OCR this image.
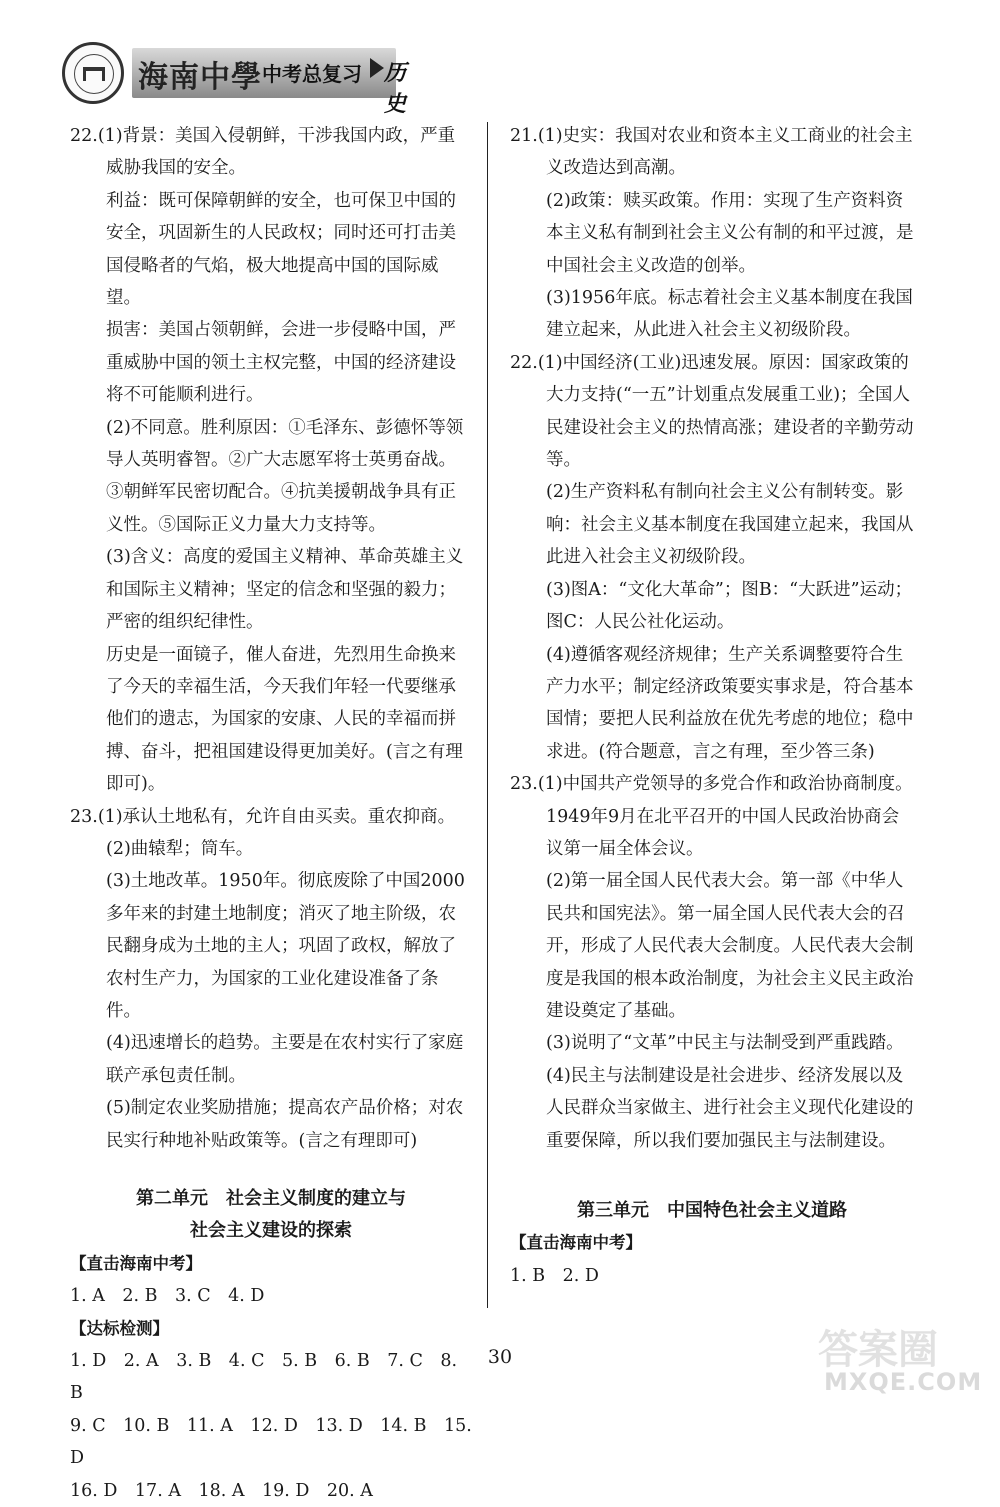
海南中學 中考总复习 历史

22.(1)背景：美国入侵朝鲜，干涉我国内政，严重威胁我国的安全。

利益：既可保障朝鲜的安全，也可保卫中国的安全，巩固新生的人民政权；同时还可打击美国侵略者的气焰，极大地提高中国的国际威望。

损害：美国占领朝鲜，会进一步侵略中国，严重威胁中国的领土主权完整，中国的经济建设将不可能顺利进行。

(2)不同意。胜利原因：①毛泽东、彭德怀等领导人英明睿智。②广大志愿军将士英勇奋战。③朝鲜军民密切配合。④抗美援朝战争具有正义性。⑤国际正义力量大力支持等。

(3)含义：高度的爱国主义精神、革命英雄主义和国际主义精神；坚定的信念和坚强的毅力；严密的组织纪律性。

历史是一面镜子，催人奋进，先烈用生命换来了今天的幸福生活，今天我们年轻一代要继承他们的遗志，为国家的安康、人民的幸福而拼搏、奋斗，把祖国建设得更加美好。(言之有理即可)。

23.(1)承认土地私有，允许自由买卖。重农抑商。

(2)曲辕犁；筒车。

(3)土地改革。1950年。彻底废除了中国2000多年来的封建土地制度；消灭了地主阶级，农民翻身成为土地的主人；巩固了政权，解放了农村生产力，为国家的工业化建设准备了条件。

(4)迅速增长的趋势。主要是在农村实行了家庭联产承包责任制。

(5)制定农业奖励措施；提高农产品价格；对农民实行种地补贴政策等。(言之有理即可)

第二单元　社会主义制度的建立与

社会主义建设的探索

【直击海南中考】

1. A　2. B　3. C　4. D

【达标检测】

1. D　2. A　3. B　4. C　5. B　6. B　7. C　8. B

9. C　10. B　11. A　12. D　13. D　14. B　15. D

16. D　17. A　18. A　19. D　20. A

21.(1)史实：我国对农业和资本主义工商业的社会主义改造达到高潮。

(2)政策：赎买政策。作用：实现了生产资料资本主义私有制到社会主义公有制的和平过渡，是中国社会主义改造的创举。

(3)1956年底。标志着社会主义基本制度在我国建立起来，从此进入社会主义初级阶段。

22.(1)中国经济(工业)迅速发展。原因：国家政策的大力支持(“一五”计划重点发展重工业)；全国人民建设社会主义的热情高涨；建设者的辛勤劳动等。

(2)生产资料私有制向社会主义公有制转变。影响：社会主义基本制度在我国建立起来，我国从此进入社会主义初级阶段。

(3)图A：“文化大革命”；图B：“大跃进”运动；图C：人民公社化运动。

(4)遵循客观经济规律；生产关系调整要符合生产力水平；制定经济政策要实事求是，符合基本国情；要把人民利益放在优先考虑的地位；稳中求进。(符合题意，言之有理，至少答三条)

23.(1)中国共产党领导的多党合作和政治协商制度。1949年9月在北平召开的中国人民政治协商会议第一届全体会议。

(2)第一届全国人民代表大会。第一部《中华人民共和国宪法》。第一届全国人民代表大会的召开，形成了人民代表大会制度。人民代表大会制度是我国的根本政治制度，为社会主义民主政治建设奠定了基础。

(3)说明了“文革”中民主与法制受到严重践踏。

(4)民主与法制建设是社会进步、经济发展以及人民群众当家做主、进行社会主义现代化建设的重要保障，所以我们要加强民主与法制建设。

第三单元　中国特色社会主义道路

【直击海南中考】

1. B　2. D

30	答案圈
MXQE.COM
